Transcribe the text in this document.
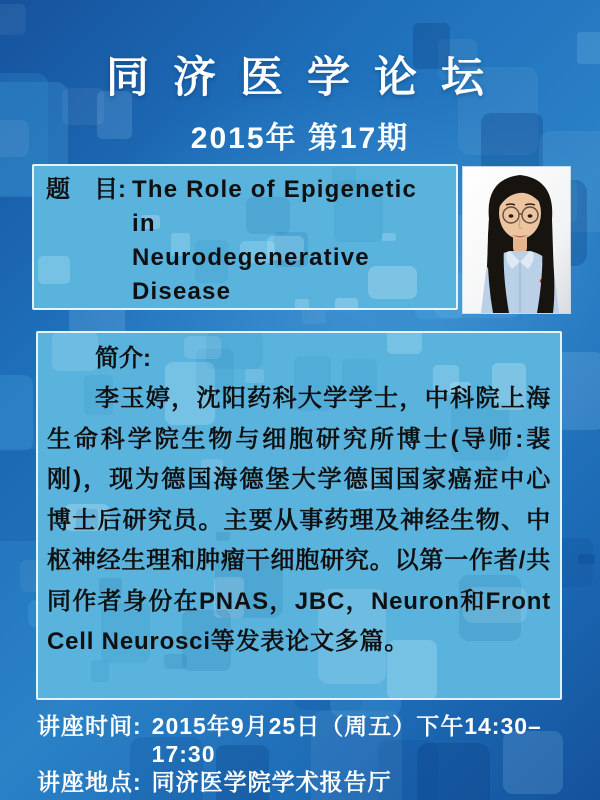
同济医学论坛
2015年 第17期
题　目: The Role of Epigenetic in
Neurodegenerative Disease
简介:

李玉婷，沈阳药科大学学士，中科院上海生命科学院生物与细胞研究所博士(导师:裴刚)，现为德国海德堡大学德国国家癌症中心博士后研究员。主要从事药理及神经生物、中枢神经生理和肿瘤干细胞研究。以第一作者/共同作者身份在PNAS，JBC，Neuron和Front Cell Neurosci等发表论文多篇。

讲座时间: 2015年9月25日（周五）下午14:30–17:30
讲座地点: 同济医学院学术报告厅
